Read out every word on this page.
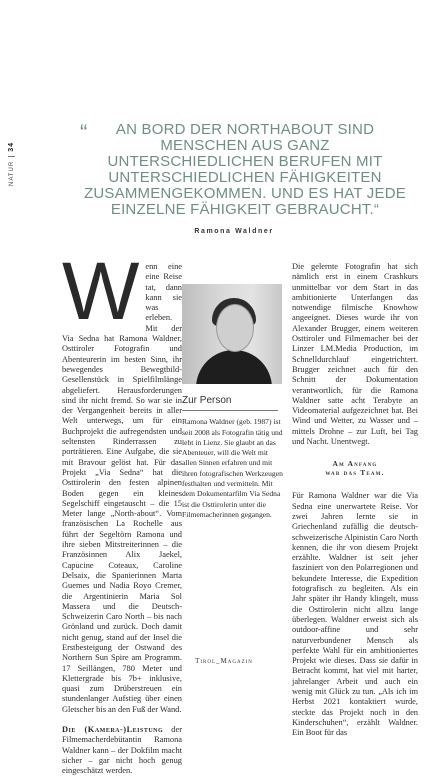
NATUR34
“	AN BORD DER NORTHABOUT SIND MENSCHEN AUS GANZ UNTERSCHIEDLICHEN BERUFEN MIT UNTERSCHIEDLICHEN FÄHIGKEITEN ZUSAMMENGEKOMMEN. UND ES HAT JEDE EINZELNE FÄHIGKEIT GEBRAUCHT.“
Ramona Waldner

Wenn eine eine Reise tat, dann kann sie was erleben. Mit der Via Sedna hat Ramona Waldner, Osttiroler Fotografin und Abenteurerin im besten Sinn, ihr bewegendes Bewegtbild-Gesellenstück in Spielfilmlänge abgeliefert. Herausforderungen sind ihr nicht fremd. So war sie in der Vergangenheit bereits in aller Welt unterwegs, um für ein Buchprojekt die aufregendsten und seltensten Rinderrassen zu porträtieren. Eine Aufgabe, die sie mit Bravour gelöst hat. Für das Projekt „Via Sedna“ hat die Osttirolerin den festen alpinen Boden gegen ein kleines Segelschiff eingetauscht – die 15 Meter lange „North-about“. Vom französischen La Rochelle aus führt der Segeltörn Ramona und ihre sieben Mitstreiterinnen – die Französinnen Alix Jaekel, Capucine Coteaux, Caroline Delsaix, die Spanierinnen Marta Guemes und Nadia Royo Cremer, die Argentinierin Maria Sol Massera und die Deutsch-Schweizerin Caro North – bis nach Grönland und zurück. Doch damit nicht genug, stand auf der Insel die Erstbesteigung der Ostwand des Northern Sun Spire am Programm. 17 Seillängen, 780 Meter und Klettergrade bis 7b+ inklusive, quasi zum Drüberstreuen ein stundenlanger Aufstieg über einen Gletscher bis an den Fuß der Wand.

Die (Kamera-)Leistung der Filmemacherdebütantin Ramona Waldner kann – der Dokfilm macht sicher – gar nicht hoch genug eingeschätzt werden.

Zur Person
Ramona Waldner (geb. 1987) ist seit 2008 als Fotografin tätig und lebt in Lienz. Sie glaubt an das Abenteuer, will die Welt mit allen Sinnen erfahren und mit ihren fotografischen Werkzeugen festhalten und vermitteln. Mit dem Dokumentarfilm Via Sedna ist die Osttirolerin unter die Filmemacherinnen gegangen.

Die gelernte Fotografin hat sich nämlich erst in einem Crashkurs unmittelbar vor dem Start in das ambitionierte Unterfangen das notwendige filmische Knowhow angeeignet. Dieses wurde ihr von Alexander Brugger, einem weiteren Osttiroler und Filmemacher bei der Linzer LM.Media Production, im Schnelldurchlauf eingetrichtert. Brugger zeichnet auch für den Schnitt der Dokumentation verantwortlich, für die Ramona Waldner satte acht Terabyte an Videomaterial aufgezeichnet hat. Bei Wind und Wetter, zu Wasser und – mittels Drohne – zur Luft, bei Tag und Nacht. Unentwegt.

Am Anfang
war das Team.

Für Ramona Waldner war die Via Sedna eine unerwartete Reise. Vor zwei Jahren lernte sie in Griechenland zufällig die deutsch-schweizerische Alpinistin Caro North kennen, die ihr von diesem Projekt erzählte. Waldner ist seit jeher fasziniert von den Polarregionen und bekundete Interesse, die Expedition fotografisch zu begleiten. Als ein Jahr später ihr Handy klingelt, muss die Osttirolerin nicht allzu lange überlegen. Waldner erweist sich als outdoor-affine und sehr naturverbundener Mensch als perfekte Wahl für ein ambitioniertes Projekt wie dieses. Dass sie dafür in Betracht kommt, hat viel mit harter, jahrelanger Arbeit und auch ein wenig mit Glück zu tun. „Als ich im Herbst 2021 kontaktiert wurde, steckte das Projekt noch in den Kinderschuhen“, erzählt Waldner. Ein Boot für das

Tirol_Magazin
